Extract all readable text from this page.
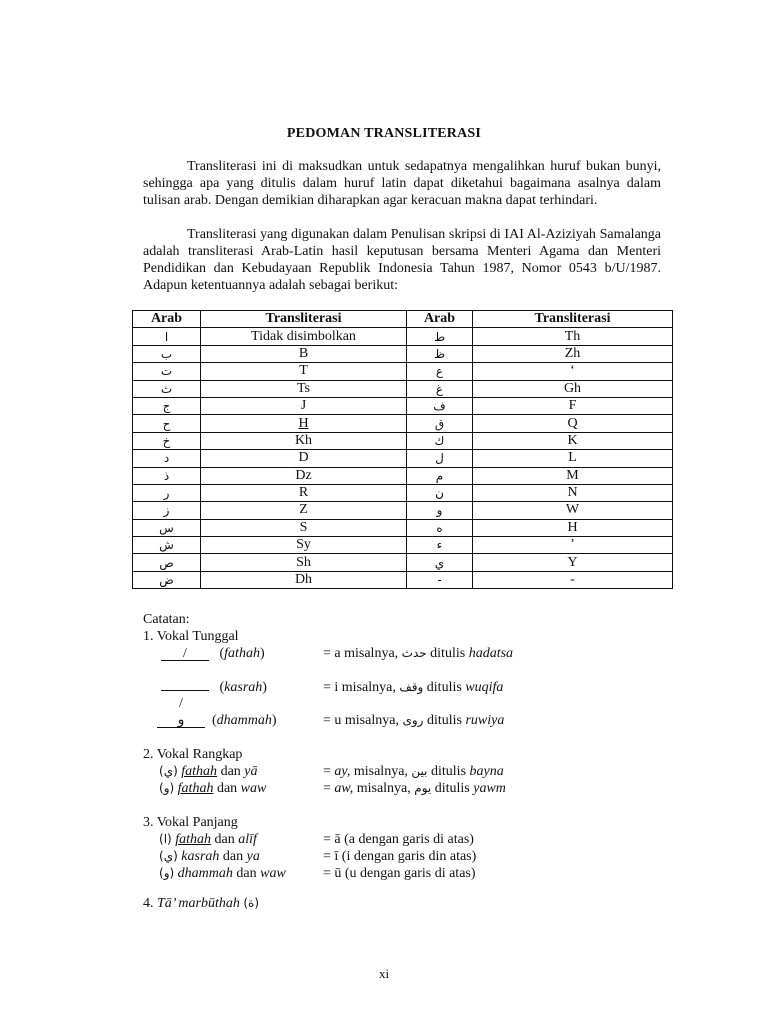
PEDOMAN TRANSLITERASI

Transliterasi ini di maksudkan untuk sedapatnya mengalihkan huruf bukan bunyi, sehingga apa yang ditulis dalam huruf latin dapat diketahui bagaimana asalnya dalam tulisan arab. Dengan demikian diharapkan agar keracuan makna dapat terhindari.

Transliterasi yang digunakan dalam Penulisan skripsi di IAI Al-Aziziyah Samalanga adalah transliterasi Arab-Latin hasil keputusan bersama Menteri Agama dan Menteri Pendidikan dan Kebudayaan Republik Indonesia Tahun 1987, Nomor 0543 b/U/1987. Adapun ketentuannya adalah sebagai berikut:

Arab	Transliterasi	Arab	Transliterasi
ا	Tidak disimbolkan	ط	Th
ب	B	ظ	Zh
ت	T	ع	‘
ث	Ts	غ	Gh
ج	J	ف	F
ح	H	ق	Q
خ	Kh	ك	K
د	D	ل	L
ذ	Dz	م	M
ر	R	ن	N
ز	Z	و	W
س	S	ه	H
ش	Sy	ء	’
ص	Sh	ي	Y
ض	Dh	-	-
Catatan:
1. Vokal Tunggal
/   (fathah)	= a misalnya, حدث ditulis hadatsa
(kasrah)	= i misalnya, وقف ditulis wuqifa
/
و  (dhammah)	= u misalnya, روى ditulis ruwiya
2. Vokal Rangkap
(ي) fathah dan yā	= ay, misalnya, بين ditulis bayna
(و) fathah dan waw	= aw, misalnya, يوم ditulis yawm
3. Vokal Panjang
(ا) fathah dan alīf	= ā (a dengan garis di atas)
(ي) kasrah dan ya	= ī (i dengan garis din atas)
(و) dhammah dan waw	= ū (u dengan garis di atas)
4. Tā’ marbūthah (ة)
xi
